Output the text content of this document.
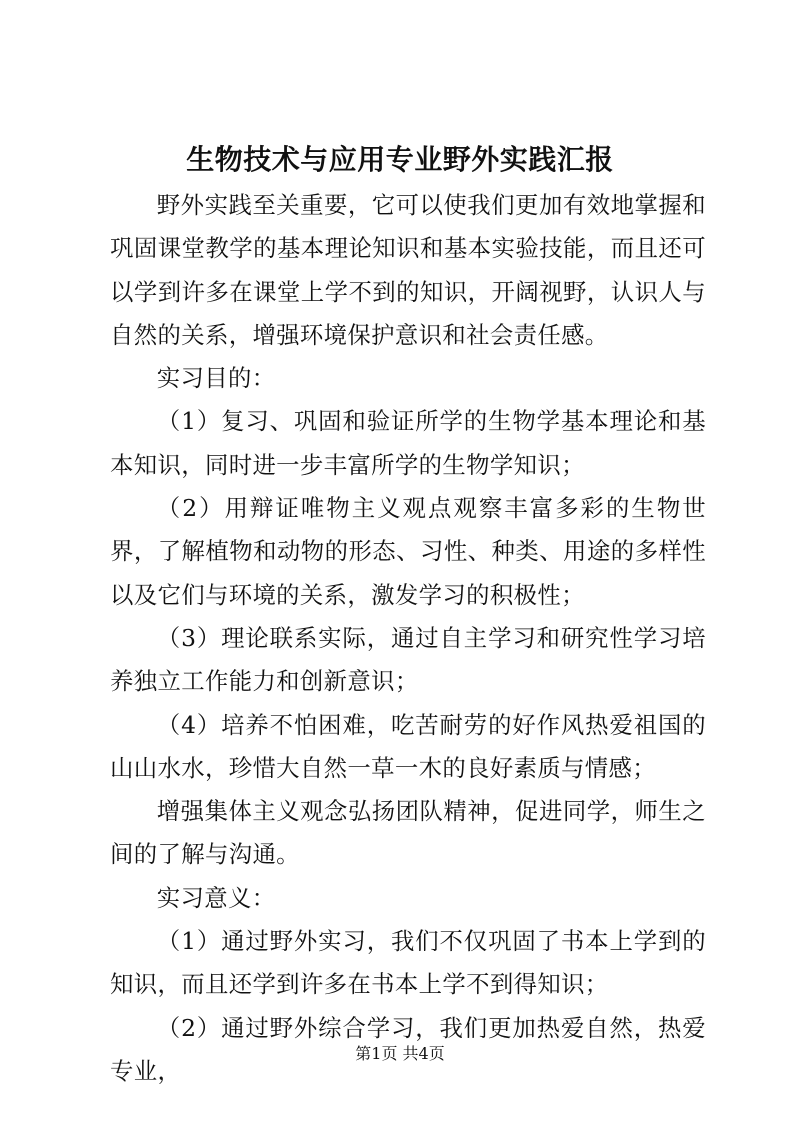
生物技术与应用专业野外实践汇报

野外实践至关重要，它可以使我们更加有效地掌握和巩固课堂教学的基本理论知识和基本实验技能，而且还可以学到许多在课堂上学不到的知识，开阔视野，认识人与自然的关系，增强环境保护意识和社会责任感。

实习目的：

（1）复习、巩固和验证所学的生物学基本理论和基本知识，同时进一步丰富所学的生物学知识；

（2）用辩证唯物主义观点观察丰富多彩的生物世界，了解植物和动物的形态、习性、种类、用途的多样性以及它们与环境的关系，激发学习的积极性；

（3）理论联系实际，通过自主学习和研究性学习培养独立工作能力和创新意识；

（4）培养不怕困难，吃苦耐劳的好作风热爱祖国的山山水水，珍惜大自然一草一木的良好素质与情感；

增强集体主义观念弘扬团队精神，促进同学，师生之间的了解与沟通。

实习意义：

（1）通过野外实习，我们不仅巩固了书本上学到的知识，而且还学到许多在书本上学不到得知识；

（2）通过野外综合学习，我们更加热爱自然，热爱专业，

第1页 共4页
